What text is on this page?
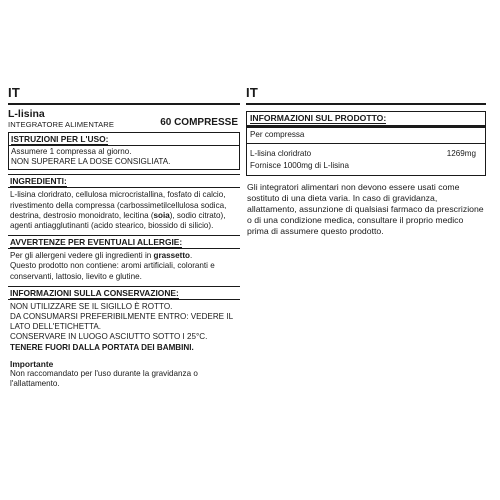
IT
L-lisina
INTEGRATORE ALIMENTARE	60 COMPRESSE
ISTRUZIONI PER L'USO:
Assumere 1 compressa al giorno.
NON SUPERARE LA DOSE CONSIGLIATA.
INGREDIENTI:
L-lisina cloridrato, cellulosa microcristallina, fosfato di calcio, rivestimento della compressa (carbossimetilcellulosa sodica, destrina, destrosio monoidrato, lecitina (soia), sodio citrato), agenti antiagglutinanti (acido stearico, biossido di silicio).
AVVERTENZE PER EVENTUALI ALLERGIE:

Per gli allergeni vedere gli ingredienti in grassetto.

Questo prodotto non contiene: aromi artificiali, coloranti e conservanti, lattosio, lievito e glutine.

INFORMAZIONI SULLA CONSERVAZIONE:

NON UTILIZZARE SE IL SIGILLO È ROTTO.

DA CONSUMARSI PREFERIBILMENTE ENTRO: VEDERE IL LATO DELL'ETICHETTA.

CONSERVARE IN LUOGO ASCIUTTO SOTTO I 25°C.

TENERE FUORI DALLA PORTATA DEI BAMBINI.

Importante
Non raccomandato per l'uso durante la gravidanza o l'allattamento.
IT
INFORMAZIONI SUL PRODOTTO:
Per compressa
L-lisina cloridrato	1269mg
Fornisce 1000mg di L-lisina
Gli integratori alimentari non devono essere usati come sostituto di una dieta varia. In caso di gravidanza, allattamento, assunzione di qualsiasi farmaco da prescrizione o di una condizione medica, consultare il proprio medico prima di assumere questo prodotto.
